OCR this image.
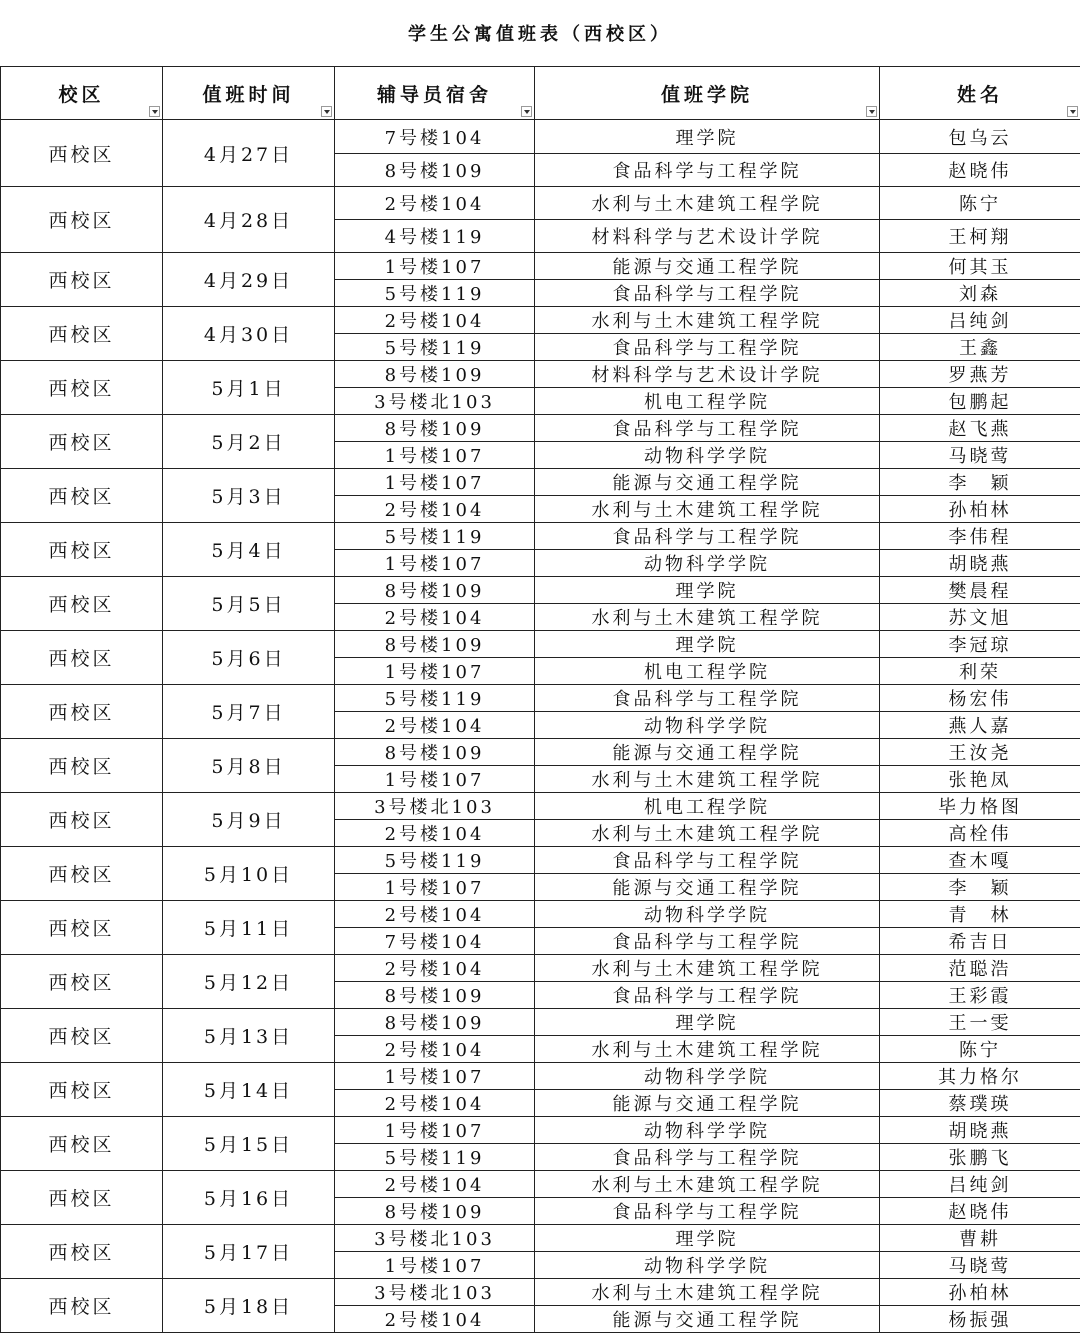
学生公寓值班表（西校区）
校区	值班时间	辅导员宿舍	值班学院	姓名

西校区	4月27日	7号楼104	理学院	包乌云
		8号楼109	食品科学与工程学院	赵晓伟
西校区	4月28日	2号楼104	水利与土木建筑工程学院	陈宁
		4号楼119	材料科学与艺术设计学院	王柯翔
西校区	4月29日	1号楼107	能源与交通工程学院	何其玉
		5号楼119	食品科学与工程学院	刘森
西校区	4月30日	2号楼104	水利与土木建筑工程学院	吕纯剑
		5号楼119	食品科学与工程学院	王鑫
西校区	5月1日	8号楼109	材料科学与艺术设计学院	罗燕芳
		3号楼北103	机电工程学院	包鹏起
西校区	5月2日	8号楼109	食品科学与工程学院	赵飞燕
		1号楼107	动物科学学院	马晓莺
西校区	5月3日	1号楼107	能源与交通工程学院	李　颖
		2号楼104	水利与土木建筑工程学院	孙柏林
西校区	5月4日	5号楼119	食品科学与工程学院	李伟程
		1号楼107	动物科学学院	胡晓燕
西校区	5月5日	8号楼109	理学院	樊晨程
		2号楼104	水利与土木建筑工程学院	苏文旭
西校区	5月6日	8号楼109	理学院	李冠琼
		1号楼107	机电工程学院	利荣
西校区	5月7日	5号楼119	食品科学与工程学院	杨宏伟
		2号楼104	动物科学学院	燕人嘉
西校区	5月8日	8号楼109	能源与交通工程学院	王汝尧
		1号楼107	水利与土木建筑工程学院	张艳凤
西校区	5月9日	3号楼北103	机电工程学院	毕力格图
		2号楼104	水利与土木建筑工程学院	高栓伟
西校区	5月10日	5号楼119	食品科学与工程学院	查木嘎
		1号楼107	能源与交通工程学院	李　颖
西校区	5月11日	2号楼104	动物科学学院	青　林
		7号楼104	食品科学与工程学院	希吉日
西校区	5月12日	2号楼104	水利与土木建筑工程学院	范聪浩
		8号楼109	食品科学与工程学院	王彩霞
西校区	5月13日	8号楼109	理学院	王一雯
		2号楼104	水利与土木建筑工程学院	陈宁
西校区	5月14日	1号楼107	动物科学学院	其力格尔
		2号楼104	能源与交通工程学院	蔡璞瑛
西校区	5月15日	1号楼107	动物科学学院	胡晓燕
		5号楼119	食品科学与工程学院	张鹏飞
西校区	5月16日	2号楼104	水利与土木建筑工程学院	吕纯剑
		8号楼109	食品科学与工程学院	赵晓伟
西校区	5月17日	3号楼北103	理学院	曹耕
		1号楼107	动物科学学院	马晓莺
西校区	5月18日	3号楼北103	水利与土木建筑工程学院	孙柏林
		2号楼104	能源与交通工程学院	杨振强
